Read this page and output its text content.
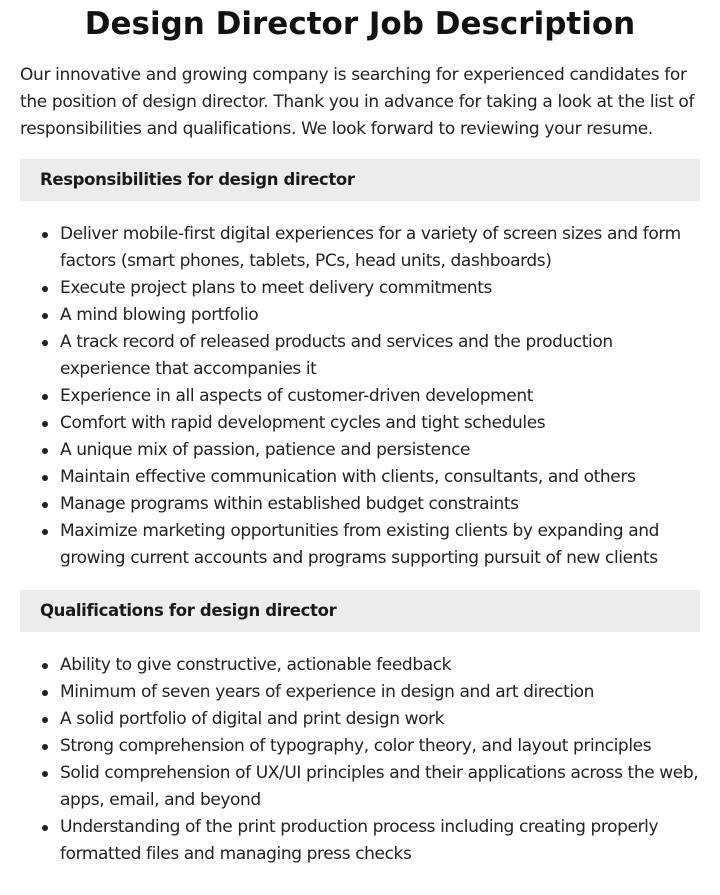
Design Director Job Description

Our innovative and growing company is searching for experienced candidates for the position of design director. Thank you in advance for taking a look at the list of responsibilities and qualifications. We look forward to reviewing your resume.

Responsibilities for design director
Deliver mobile-first digital experiences for a variety of screen sizes and form factors (smart phones, tablets, PCs, head units, dashboards)
Execute project plans to meet delivery commitments
A mind blowing portfolio
A track record of released products and services and the production experience that accompanies it
Experience in all aspects of customer-driven development
Comfort with rapid development cycles and tight schedules
A unique mix of passion, patience and persistence
Maintain effective communication with clients, consultants, and others
Manage programs within established budget constraints
Maximize marketing opportunities from existing clients by expanding and growing current accounts and programs supporting pursuit of new clients
Qualifications for design director
Ability to give constructive, actionable feedback
Minimum of seven years of experience in design and art direction
A solid portfolio of digital and print design work
Strong comprehension of typography, color theory, and layout principles
Solid comprehension of UX/UI principles and their applications across the web, apps, email, and beyond
Understanding of the print production process including creating properly formatted files and managing press checks
